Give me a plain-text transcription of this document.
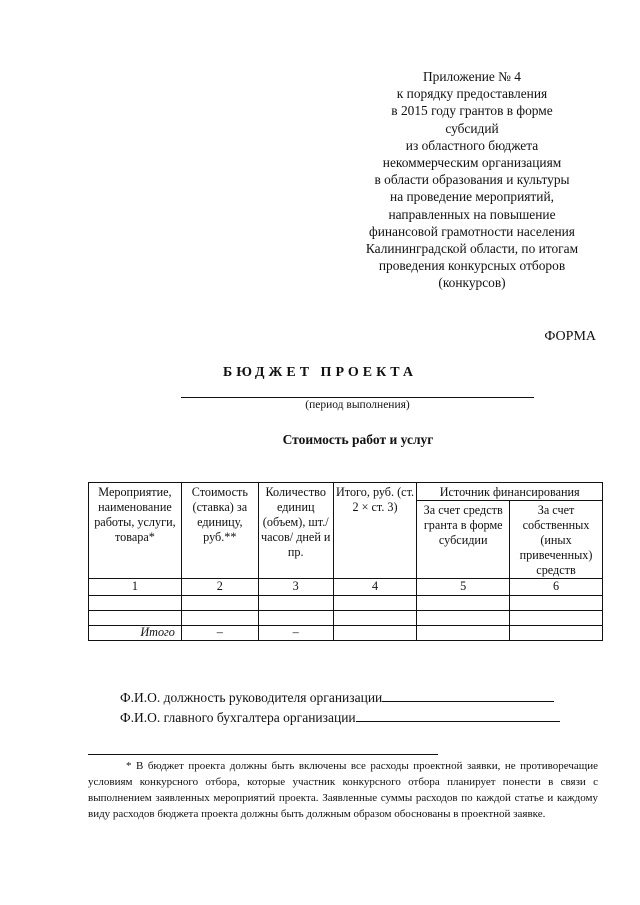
Приложение № 4
к порядку предоставления
в 2015 году грантов в форме
субсидий
из областного бюджета
некоммерческим организациям
в области образования и культуры
на проведение мероприятий,
направленных на повышение
финансовой грамотности населения
Калининградской области, по итогам
проведения конкурсных отборов
(конкурсов)
ФОРМА
БЮДЖЕТ ПРОЕКТА
(период выполнения)
Стоимость работ и услуг
Мероприятие, наименование работы, услуги, товара*	Стоимость (ставка) за единицу, руб.**	Количество единиц (объем), шт./часов/ дней и пр.	Итого, руб. (ст. 2 × ст. 3)	Источник финансирования	
				За счет средств гранта в форме субсидии	За счет собственных (иных привеченных) средств
1	2	3	4	5	6

Итого	–	–			
Ф.И.О. должность руководителя организации
Ф.И.О. главного бухгалтера организации
* В бюджет проекта должны быть включены все расходы проектной заявки, не противоречащие условиям конкурсного отбора, которые участник конкурсного отбора планирует понести в связи с выполнением заявленных мероприятий проекта. Заявленные суммы расходов по каждой статье и каждому виду расходов бюджета проекта должны быть должным образом обоснованы в проектной заявке.
